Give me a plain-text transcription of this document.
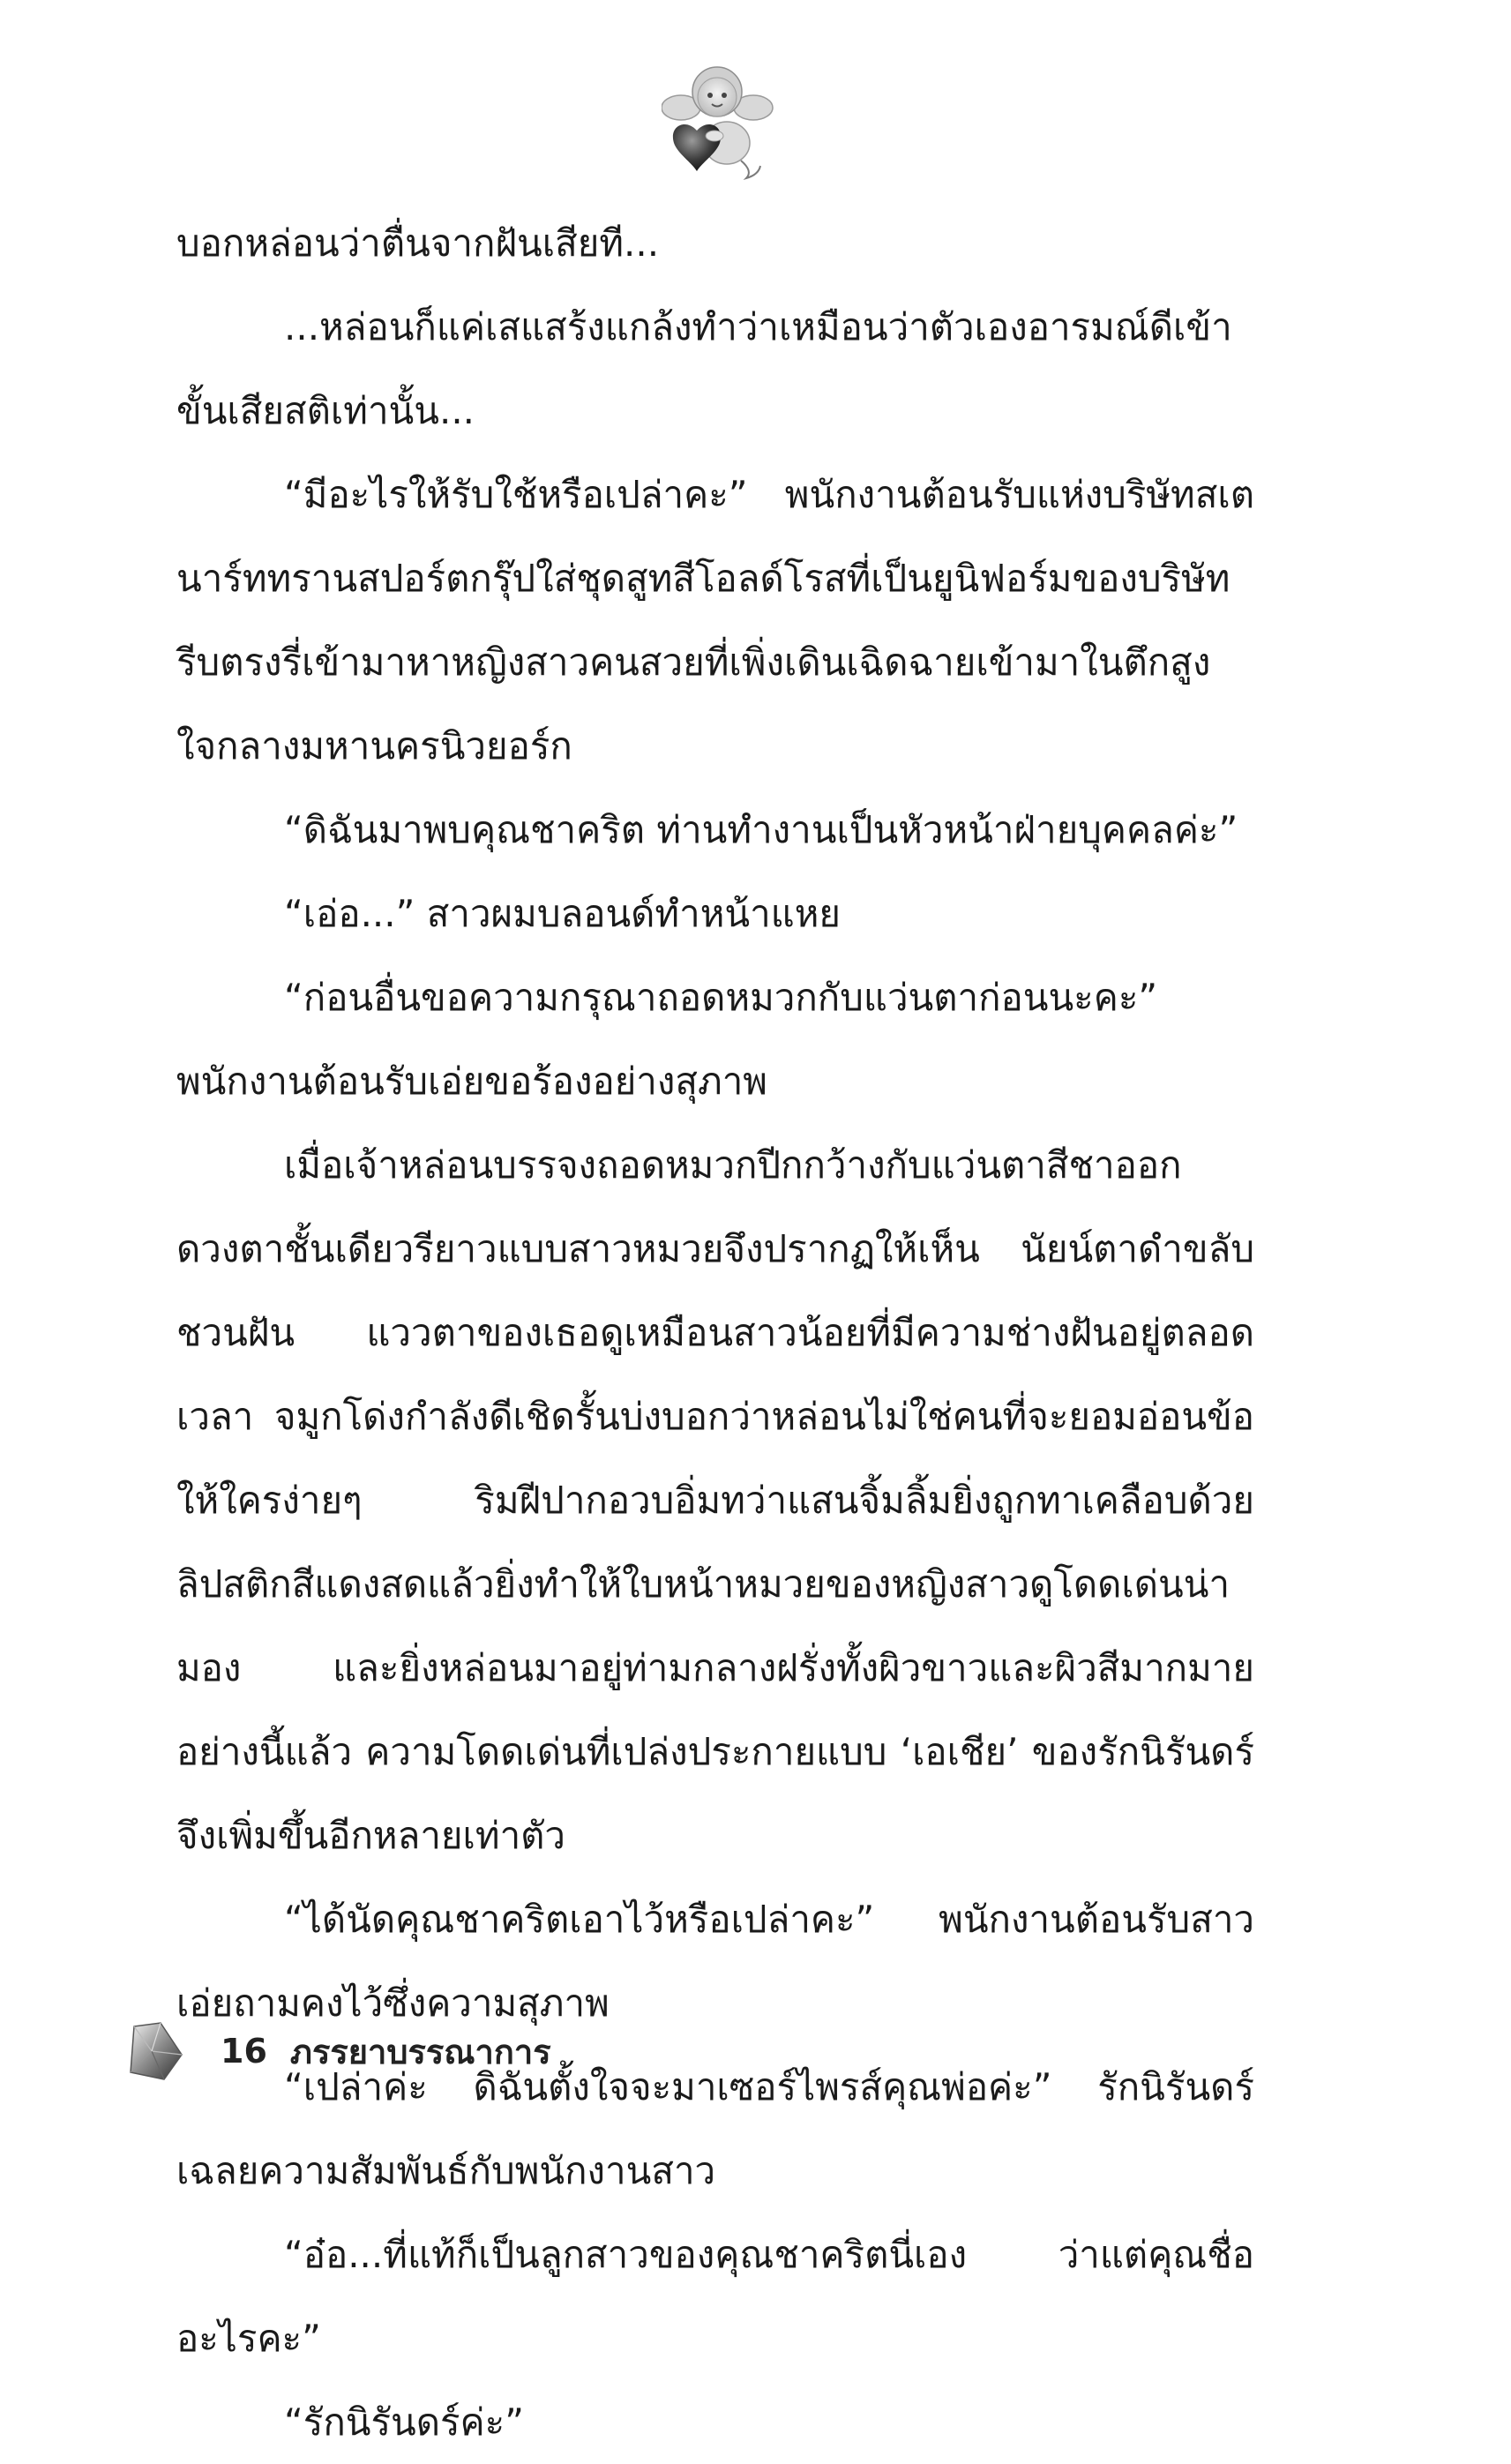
บอกหล่อนว่าตื่นจากฝันเสียที...

...หล่อนก็แค่เสแสร้งแกล้งทำว่าเหมือนว่าตัวเองอารมณ์ดีเข้าขั้นเสียสติเท่านั้น...

“มีอะไรให้รับใช้หรือเปล่าคะ” พนักงานต้อนรับแห่งบริษัทสเตนาร์ททรานสปอร์ตกรุ๊ปใส่ชุดสูทสีโอลด์โรสที่เป็นยูนิฟอร์มของบริษัท รีบตรงรี่เข้ามาหาหญิงสาวคนสวยที่เพิ่งเดินเฉิดฉายเข้ามาในตึกสูงใจกลางมหานครนิวยอร์ก

“ดิฉันมาพบคุณชาคริต ท่านทำงานเป็นหัวหน้าฝ่ายบุคคลค่ะ”

“เอ่อ...” สาวผมบลอนด์ทำหน้าแหย

“ก่อนอื่นขอความกรุณาถอดหมวกกับแว่นตาก่อนนะคะ” พนักงานต้อนรับเอ่ยขอร้องอย่างสุภาพ

เมื่อเจ้าหล่อนบรรจงถอดหมวกปีกกว้างกับแว่นตาสีชาออก ดวงตาชั้นเดียวรียาวแบบสาวหมวยจึงปรากฏให้เห็น นัยน์ตาดำขลับชวนฝัน แววตาของเธอดูเหมือนสาวน้อยที่มีความช่างฝันอยู่ตลอดเวลา จมูกโด่งกำลังดีเชิดรั้นบ่งบอกว่าหล่อนไม่ใช่คนที่จะยอมอ่อนข้อให้ใครง่ายๆ ริมฝีปากอวบอิ่มทว่าแสนจิ้มลิ้มยิ่งถูกทาเคลือบด้วยลิปสติกสีแดงสดแล้วยิ่งทำให้ใบหน้าหมวยของหญิงสาวดูโดดเด่นน่ามอง และยิ่งหล่อนมาอยู่ท่ามกลางฝรั่งทั้งผิวขาวและผิวสีมากมายอย่างนี้แล้ว ความโดดเด่นที่เปล่งประกายแบบ ‘เอเชีย’ ของรักนิรันดร์จึงเพิ่มขึ้นอีกหลายเท่าตัว

“ได้นัดคุณชาคริตเอาไว้หรือเปล่าคะ” พนักงานต้อนรับสาวเอ่ยถามคงไว้ซึ่งความสุภาพ

“เปล่าค่ะ ดิฉันตั้งใจจะมาเซอร์ไพรส์คุณพ่อค่ะ” รักนิรันดร์เฉลยความสัมพันธ์กับพนักงานสาว

“อ๋อ...ที่แท้ก็เป็นลูกสาวของคุณชาคริตนี่เอง ว่าแต่คุณชื่ออะไรคะ”

“รักนิรันดร์ค่ะ”

16 ภรรยาบรรณาการ
